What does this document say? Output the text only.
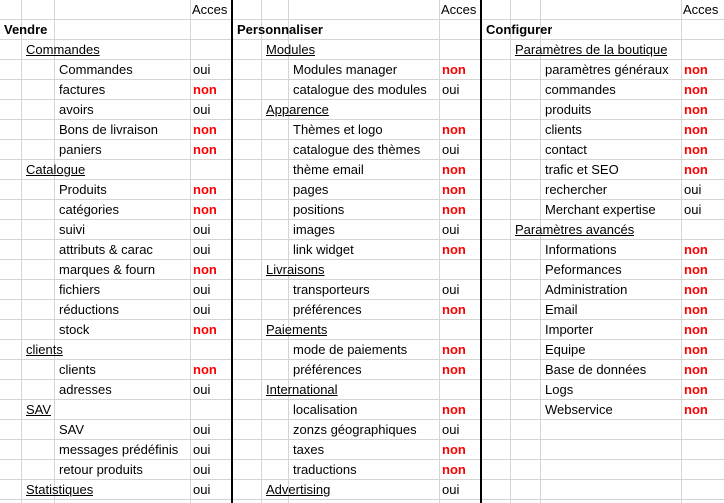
Acces
Vendre
Commandes
Commandes	oui
factures	non
avoirs	oui
Bons de livraison	non
paniers	non
Catalogue
Produits	non
catégories	non
suivi	oui
attributs & carac	oui
marques & fourn	non
fichiers	oui
réductions	oui
stock	non
clients
clients	non
adresses	oui
SAV
SAV	oui
messages prédéfinis oui
retour produits	oui
Statistiques	oui
Acces
Personnaliser
Modules
Modules manager	non
catalogue des modules oui
Apparence
Thèmes et logo	non
catalogue des thèmes oui
thème email	non
pages	non
positions	non
images	oui
link widget	non
Livraisons
transporteurs	oui
préférences	non
Paiements
mode de paiements	non
préférences	non
International
localisation	non
zonzs géographiques oui
taxes	non
traductions	non
Advertising	oui
Acces
Configurer
Paramètres de la boutique
paramètres généraux non
commandes	non
produits	non
clients	non
contact	non
trafic et SEO	non
rechercher	oui
Merchant expertise oui
Paramètres avancés
Informations	non
Peformances	non
Administration	non
Email	non
Importer	non
Equipe	non
Base de données	non
Logs	non
Webservice	non
